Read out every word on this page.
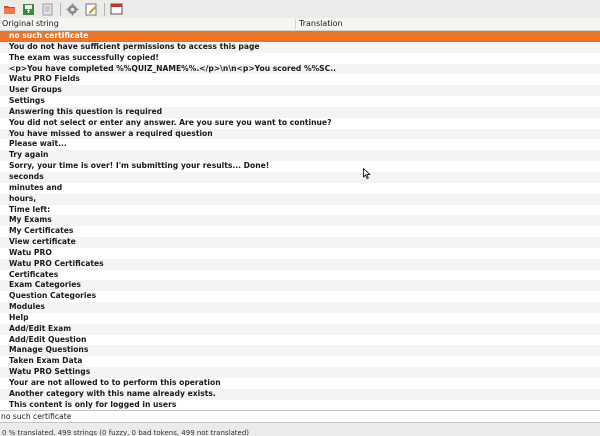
Original string	Translation
no such certificate
You do not have sufficient permissions to access this page
The exam was successfully copied!
<p>You have completed %%QUIZ_NAME%%.</p>\n\n<p>You scored %%SC..
Watu PRO Fields
User Groups
Settings
Answering this question is required
You did not select or enter any answer. Are you sure you want to continue?
You have missed to answer a required question
Please wait...
Try again
Sorry, your time is over! I'm submitting your results... Done!
seconds
minutes and
hours,
Time left:
My Exams
My Certificates
View certificate
Watu PRO
Watu PRO Certificates
Certificates
Exam Categories
Question Categories
Modules
Help
Add/Edit Exam
Add/Edit Question
Manage Questions
Taken Exam Data
Watu PRO Settings
Your are not allowed to to perform this operation
Another category with this name already exists.
This content is only for logged in users
no such certificate
0 % translated, 499 strings (0 fuzzy, 0 bad tokens, 499 not translated)
